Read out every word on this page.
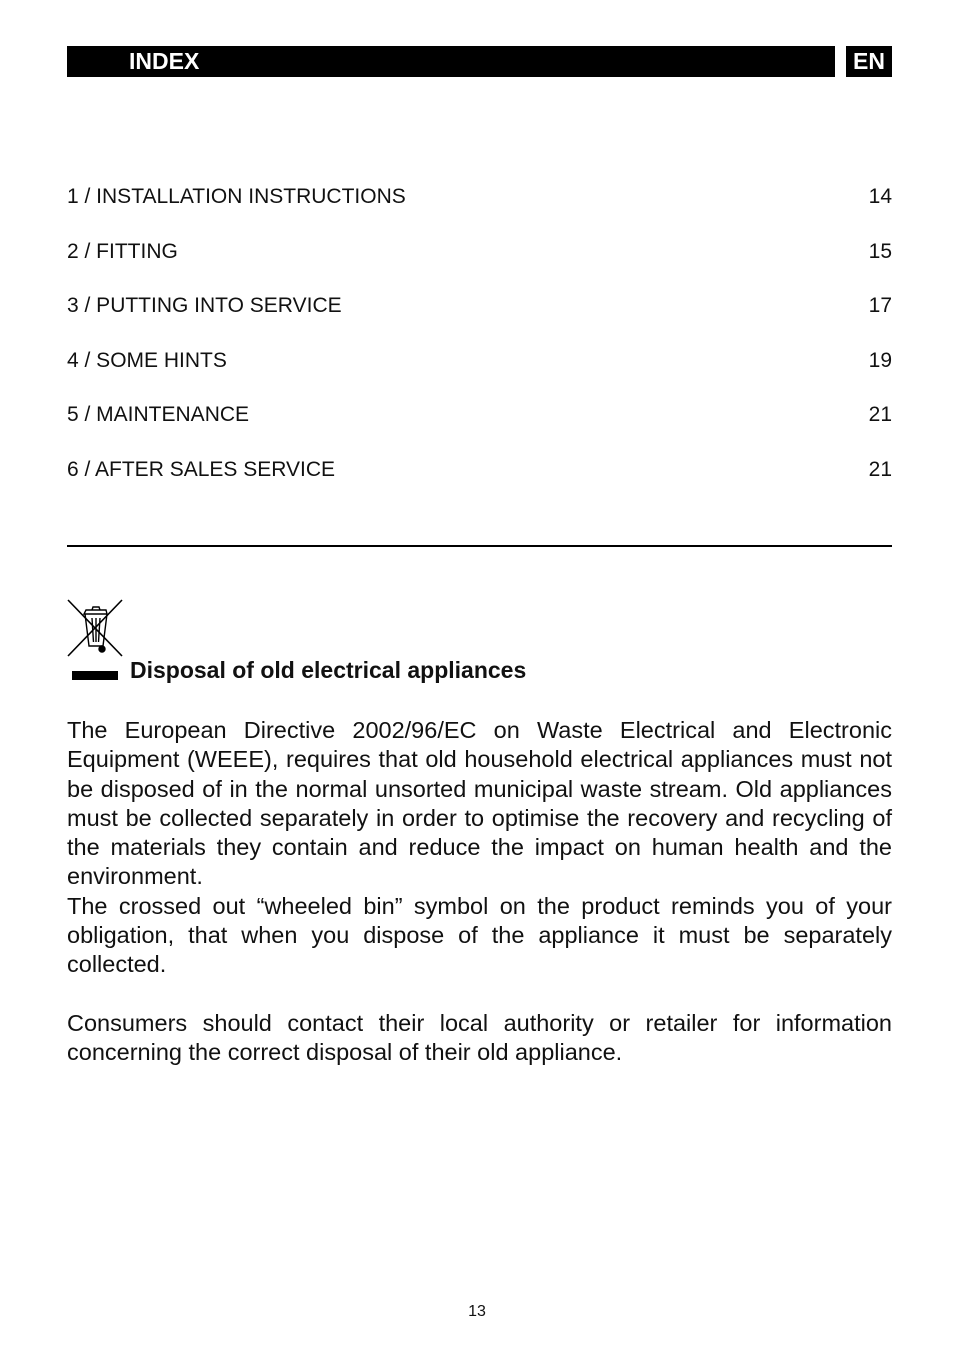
INDEX	EN
1 / INSTALLATION INSTRUCTIONS	14
2 / FITTING	15
3 / PUTTING INTO SERVICE	17
4 / SOME HINTS	19
5 / MAINTENANCE	21
6 / AFTER SALES SERVICE	21
Disposal of old electrical appliances

The European Directive 2002/96/EC on Waste Electrical and Electronic Equipment (WEEE), requires that old household electrical appliances must not be disposed of in the normal unsorted municipal waste stream. Old appliances must be collected separately in order to optimise the recovery and recycling of the materials they contain and reduce the impact on human health and the environment.

The crossed out “wheeled bin” symbol on the product reminds you of your obligation, that when you dispose of the appliance it must be separately collected.

Consumers should contact their local authority or retailer for information concerning the correct disposal of their old appliance.

13
